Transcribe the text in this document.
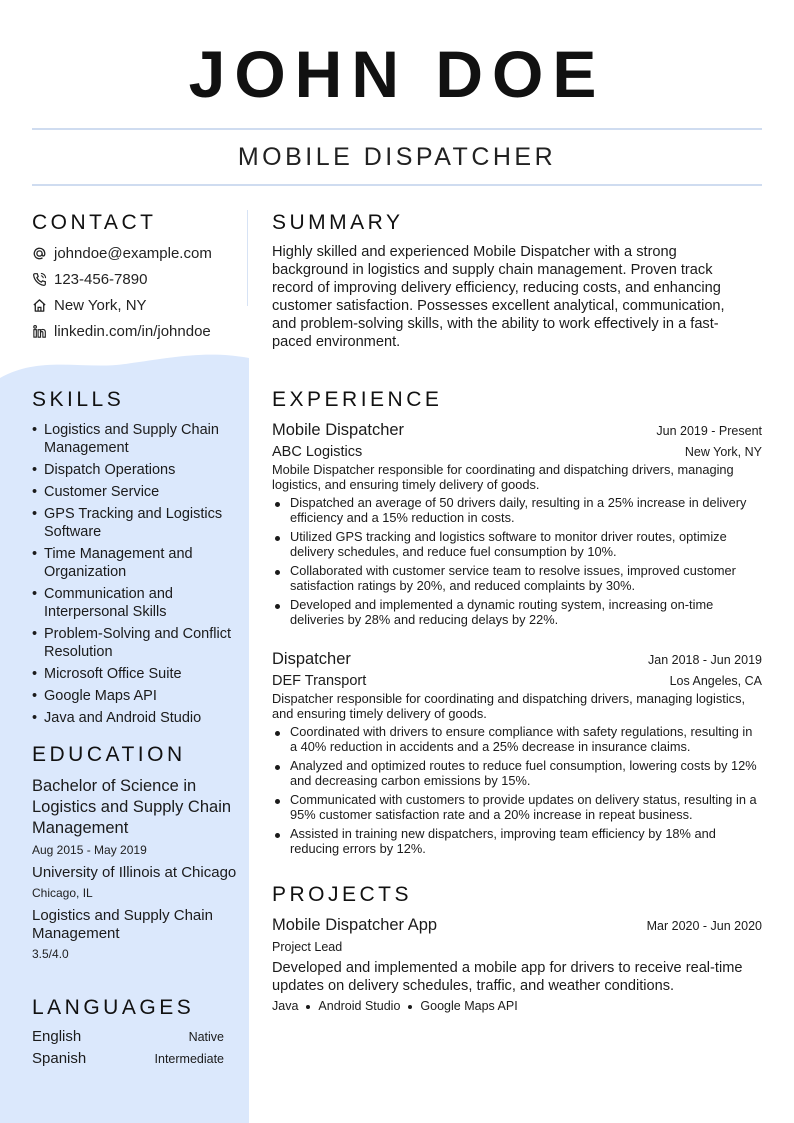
JOHN DOE
MOBILE DISPATCHER
CONTACT
johndoe@example.com
123-456-7890
New York, NY
linkedin.com/in/johndoe
SKILLS
• Logistics and Supply Chain Management
• Dispatch Operations
• Customer Service
• GPS Tracking and Logistics Software
• Time Management and Organization
• Communication and Interpersonal Skills
• Problem-Solving and Conflict Resolution
• Microsoft Office Suite
• Google Maps API
• Java and Android Studio
EDUCATION
Bachelor of Science in Logistics and Supply Chain Management
Aug 2015 - May 2019
University of Illinois at Chicago
Chicago, IL
Logistics and Supply Chain Management
3.5/4.0
LANGUAGES
English	Native
Spanish	Intermediate
SUMMARY
Highly skilled and experienced Mobile Dispatcher with a strong background in logistics and supply chain management. Proven track record of improving delivery efficiency, reducing costs, and enhancing customer satisfaction. Possesses excellent analytical, communication, and problem-solving skills, with the ability to work effectively in a fast-paced environment.
EXPERIENCE
Mobile Dispatcher	Jun 2019 - Present
ABC Logistics	New York, NY
Mobile Dispatcher responsible for coordinating and dispatching drivers, managing logistics, and ensuring timely delivery of goods.
Dispatched an average of 50 drivers daily, resulting in a 25% increase in delivery efficiency and a 15% reduction in costs.
Utilized GPS tracking and logistics software to monitor driver routes, optimize delivery schedules, and reduce fuel consumption by 10%.
Collaborated with customer service team to resolve issues, improved customer satisfaction ratings by 20%, and reduced complaints by 30%.
Developed and implemented a dynamic routing system, increasing on-time deliveries by 28% and reducing delays by 22%.
Dispatcher	Jan 2018 - Jun 2019
DEF Transport	Los Angeles, CA
Dispatcher responsible for coordinating and dispatching drivers, managing logistics, and ensuring timely delivery of goods.
Coordinated with drivers to ensure compliance with safety regulations, resulting in a 40% reduction in accidents and a 25% decrease in insurance claims.
Analyzed and optimized routes to reduce fuel consumption, lowering costs by 12% and decreasing carbon emissions by 15%.
Communicated with customers to provide updates on delivery status, resulting in a 95% customer satisfaction rate and a 20% increase in repeat business.
Assisted in training new dispatchers, improving team efficiency by 18% and reducing errors by 12%.
PROJECTS
Mobile Dispatcher App	Mar 2020 - Jun 2020
Project Lead
Developed and implemented a mobile app for drivers to receive real-time updates on delivery schedules, traffic, and weather conditions.
Java Android Studio Google Maps API
